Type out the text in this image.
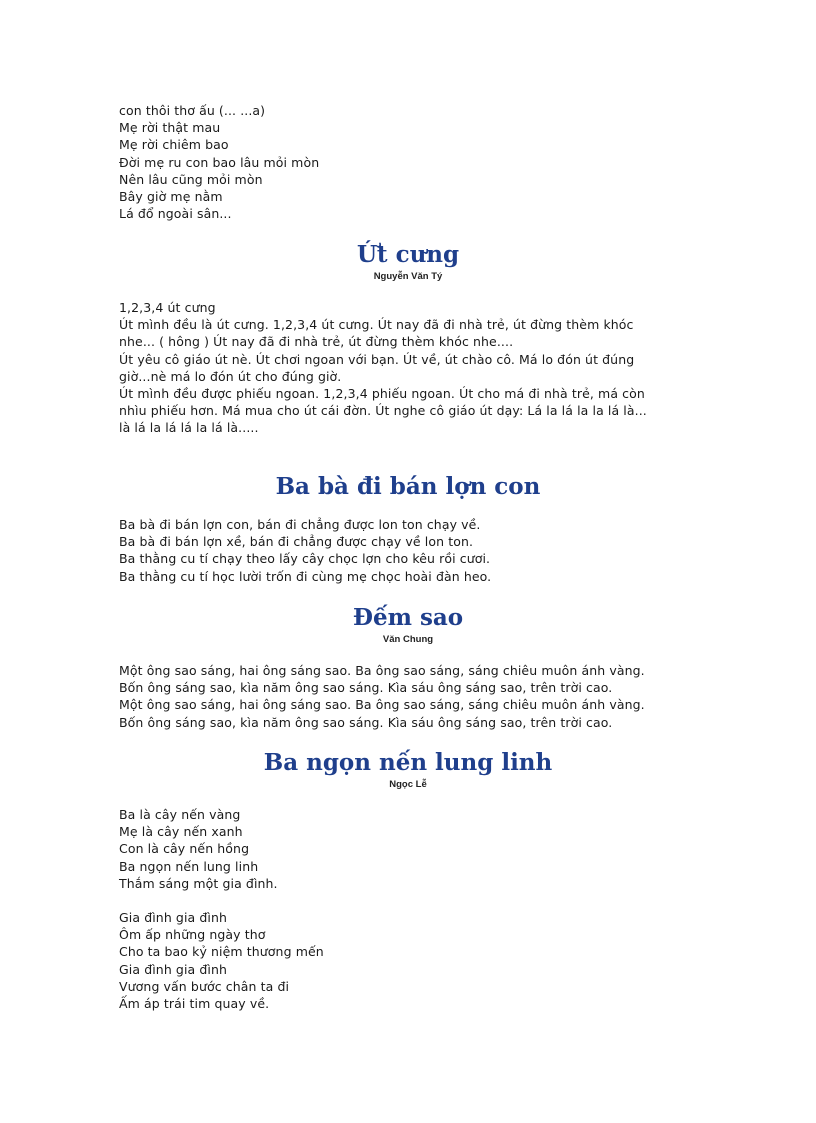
con thôi thơ ấu (... ...a)
Mẹ rời thật mau
Mẹ rời chiêm bao
Đời mẹ ru con bao lâu mỏi mòn
Nên lâu cũng mỏi mòn
Bây giờ mẹ nằm
Lá đổ ngoài sân...
Ứt cưng
Nguyễn Văn Tý
1,2,3,4 út cưng
Út mình đều là út cưng. 1,2,3,4 út cưng. Út nay đã đi nhà trẻ, út đừng thèm khóc
nhe... ( hông ) Út nay đã đi nhà trẻ, út đừng thèm khóc nhe....
Út yêu cô giáo út nè. Út chơi ngoan với bạn. Út về, út chào cô. Má lo đón út đúng
giờ...nè má lo đón út cho đúng giờ.
Út mình đều được phiếu ngoan. 1,2,3,4 phiếu ngoan. Út cho má đi nhà trẻ, má còn
nhìu phiếu hơn. Má mua cho út cái đờn. Út nghe cô giáo út dạy: Lá la lá la la lá là...
là lá la lá lá la lá là.....
Ba bà đi bán lợn con
Ba bà đi bán lợn con, bán đi chẳng được lon ton chạy về.
Ba bà đi bán lợn xề, bán đi chẳng được chạy về lon ton.
Ba thằng cu tí chạy theo lấy cây chọc lợn cho kêu rồi cươi.
Ba thằng cu tí học lười trốn đi cùng mẹ chọc hoài đàn heo.
Đếm sao
Văn Chung
Một ông sao sáng, hai ông sáng sao. Ba ông sao sáng, sáng chiêu muôn ánh vàng.
Bốn ông sáng sao, kìa năm ông sao sáng. Kìa sáu ông sáng sao, trên trời cao.
Một ông sao sáng, hai ông sáng sao. Ba ông sao sáng, sáng chiêu muôn ánh vàng.
Bốn ông sáng sao, kìa năm ông sao sáng. Kìa sáu ông sáng sao, trên trời cao.
Ba ngọn nến lung linh
Ngọc Lễ
Ba là cây nến vàng
Mẹ là cây nến xanh
Con là cây nến hồng
Ba ngọn nến lung linh
Thắm sáng một gia đình.
Gia đình gia đình
Ôm ấp những ngày thơ
Cho ta bao kỷ niệm thương mến
Gia đình gia đình
Vương vấn bước chân ta đi
Ấm áp trái tim quay về.
